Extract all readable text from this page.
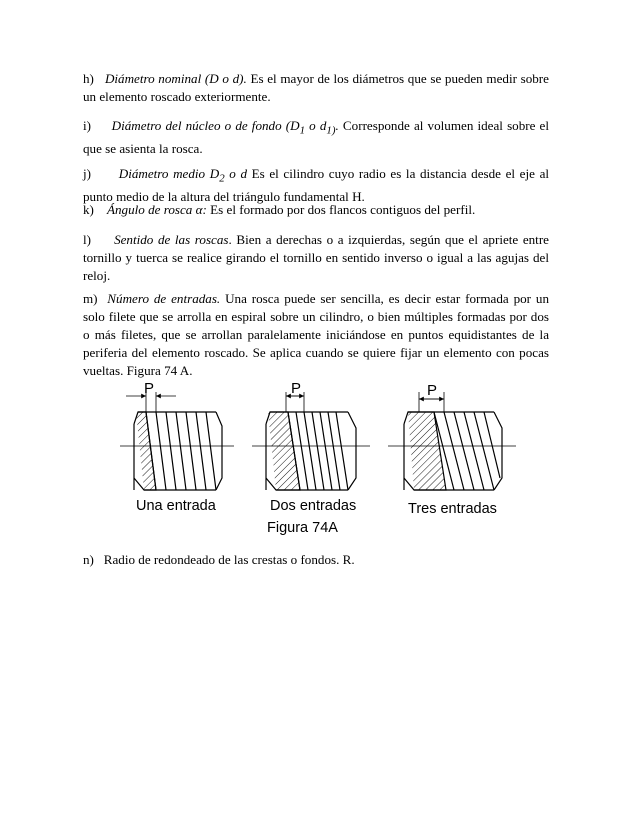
h) Diámetro nominal (D o d). Es el mayor de los diámetros que se pueden medir sobre un elemento roscado exteriormente.
i) Diámetro del núcleo o de fondo ($D_1$ o $d_{1)}$. Corresponde al volumen ideal sobre el que se asienta la rosca.
j) Diámetro medio $D_2$ o d Es el cilindro cuyo radio es la distancia desde el eje al punto medio de la altura del triángulo fundamental H.
k) Ángulo de rosca α: Es el formado por dos flancos contiguos del perfil.
l) Sentido de las roscas. Bien a derechas o a izquierdas, según que el apriete entre tornillo y tuerca se realice girando el tornillo en sentido inverso o igual a las agujas del reloj.
m) Número de entradas. Una rosca puede ser sencilla, es decir estar formada por un solo filete que se arrolla en espiral sobre un cilindro, o bien múltiples formadas por dos o más filetes, que se arrollan paralelamente iniciándose en puntos equidistantes de la periferia del elemento roscado. Se aplica cuando se quiere fijar un elemento con pocas vueltas. Figura 74 A.
P
Una entrada
P
Dos entradas
Figura 74A
P
Tres entradas
n) Radio de redondeado de las crestas o fondos. R.
